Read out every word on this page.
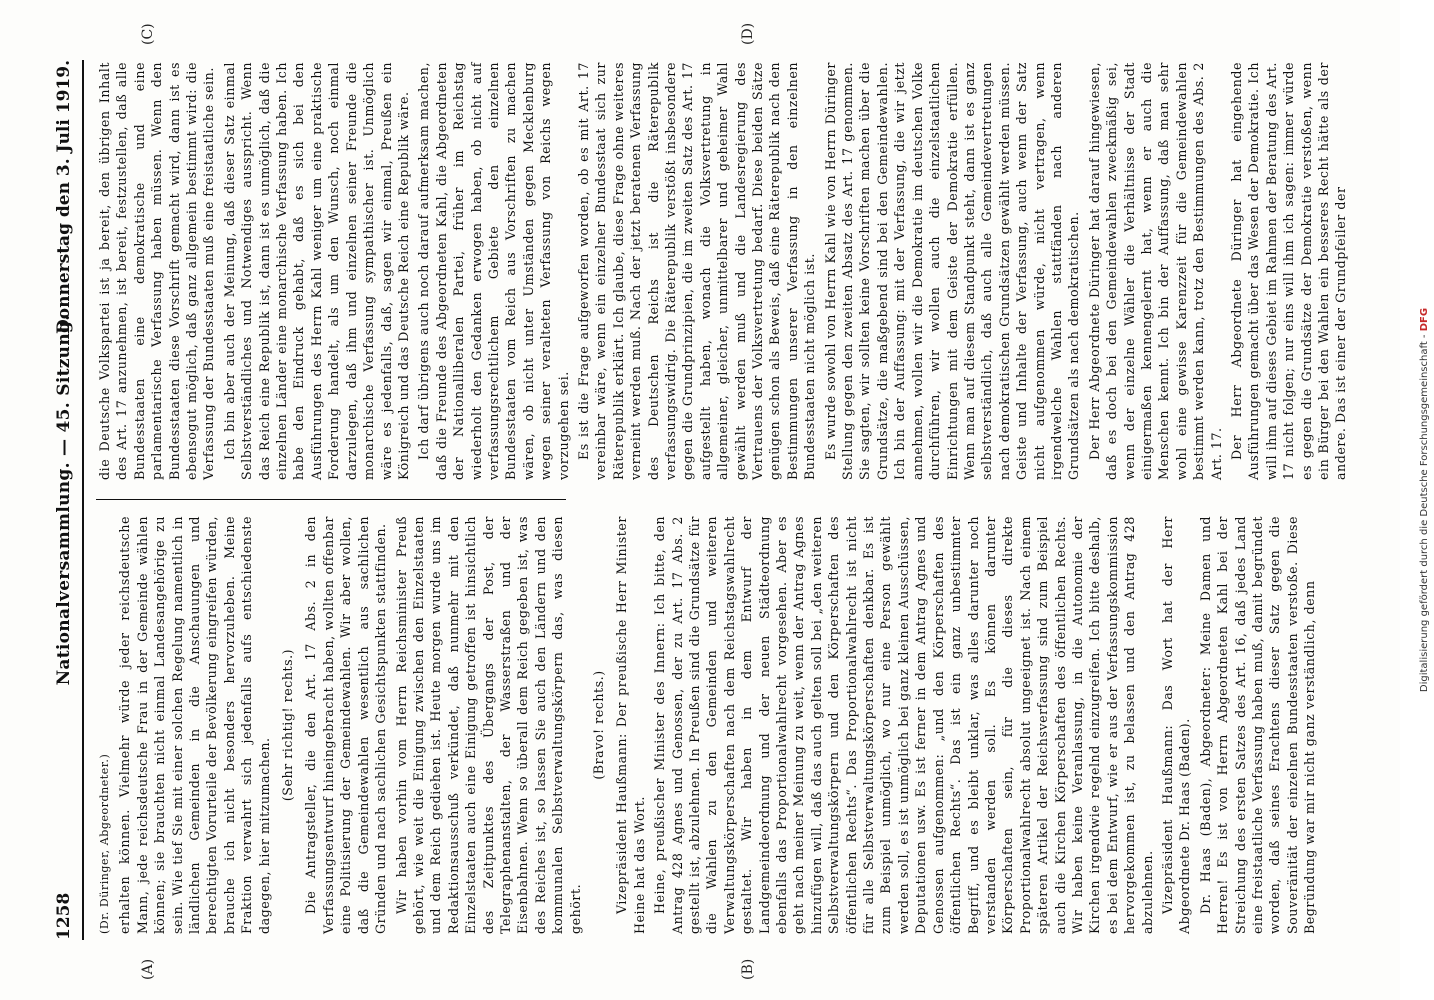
1258
Nationalversammlung. — 45. Sitzung.
Donnerstag den 3. Juli 1919.
(A)	(B)
(C)	(D)

(Dr. Düringer, Abgeordneter.) erhalten können. Vielmehr würde jeder reichsdeutsche Mann, jede reichsdeutsche Frau in der Gemeinde wählen können; sie brauchten nicht einmal Landesangehörige zu sein. Wie tief Sie mit einer solchen Regelung namentlich in ländlichen Gemeinden in die Anschauungen und berechtigten Vorurteile der Bevölkerung eingreifen würden, brauche ich nicht besonders hervorzuheben. Meine Fraktion verwahrt sich jedenfalls aufs entschiedenste dagegen, hier mitzumachen.

(Sehr richtig! rechts.) Die Antragsteller, die den Art. 17 Abs. 2 in den Verfassungsentwurf hineingebracht haben, wollten offenbar eine Politisierung der Gemeindewahlen. Wir aber wollen, daß die Gemeindewahlen wesentlich aus sachlichen Gründen und nach sachlichen Gesichtspunkten stattfinden. Wir haben vorhin vom Herrn Reichsminister Preuß gehört, wie weit die Einigung zwischen den Einzelstaaten und dem Reich gediehen ist. Heute morgen wurde uns im Redaktionsausschuß verkündet, daß nunmehr mit den Einzelstaaten auch eine Einigung getroffen ist hinsichtlich des Zeitpunktes des Übergangs der Post, der Telegraphenanstalten, der Wasserstraßen und der Eisenbahnen. Wenn so überall dem Reich gegeben ist, was des Reiches ist, so lassen Sie auch den Ländern und den kommunalen Selbstverwaltungskörpern das, was diesen gehört.

(Bravo! rechts.) Vizepräsident Haußmann: Der preußische Herr Minister Heine hat das Wort. Heine, preußischer Minister des Innern: Ich bitte, den Antrag 428 Agnes und Genossen, der zu Art. 17 Abs. 2 gestellt ist, abzulehnen. In Preußen sind die Grundsätze für die Wahlen zu den Gemeinden und weiteren Verwaltungskörperschaften nach dem Reichstagswahlrecht gestaltet. Wir haben in dem Entwurf der Landgemeindeordnung und der neuen Städteordnung ebenfalls das Proportionalwahlrecht vorgesehen. Aber es geht nach meiner Meinung zu weit, wenn der Antrag Agnes hinzufügen will, daß das auch gelten soll bei „den weiteren Selbstverwaltungskörpern und den Körperschaften des öffentlichen Rechts“. Das Proportionalwahlrecht ist nicht für alle Selbstverwaltungskörperschaften denkbar. Es ist zum Beispiel unmöglich, wo nur eine Person gewählt werden soll, es ist unmöglich bei ganz kleinen Ausschüssen, Deputationen usw. Es ist ferner in dem Antrag Agnes und Genossen aufgenommen: „und den Körperschaften des öffentlichen Rechts“. Das ist ein ganz unbestimmter Begriff, und es bleibt unklar, was alles darunter noch verstanden werden soll. Es können darunter Körperschaften sein, für die dieses direkte Proportionalwahlrecht absolut ungeeignet ist. Nach einem späteren Artikel der Reichsverfassung sind zum Beispiel auch die Kirchen Körperschaften des öffentlichen Rechts. Wir haben keine Veranlassung, in die Autonomie der Kirchen irgendwie regelnd einzugreifen. Ich bitte deshalb, es bei dem Entwurf, wie er aus der Verfassungskommission hervorgekommen ist, zu belassen und den Antrag 428 abzulehnen. Vizepräsident Haußmann: Das Wort hat der Herr Abgeordnete Dr. Haas (Baden). Dr. Haas (Baden), Abgeordneter: Meine Damen und Herren! Es ist von Herrn Abgeordneten Kahl bei der Streichung des ersten Satzes des Art. 16, daß jedes Land eine freistaatliche Verfassung haben muß, damit begründet worden, daß seines Erachtens dieser Satz gegen die Souveränität der einzelnen Bundesstaaten verstoße. Diese Begründung war mir nicht ganz verständlich, denn

die Deutsche Volkspartei ist ja bereit, den übrigen Inhalt des Art. 17 anzunehmen, ist bereit, festzustellen, daß alle Bundesstaaten eine demokratische und eine parlamentarische Verfassung haben müssen. Wenn den Bundesstaaten diese Vorschrift gemacht wird, dann ist es ebensogut möglich, daß ganz allgemein bestimmt wird: die Verfassung der Bundesstaaten muß eine freistaatliche sein. Ich bin aber auch der Meinung, daß dieser Satz einmal Selbstverständliches und Notwendiges ausspricht. Wenn das Reich eine Republik ist, dann ist es unmöglich, daß die einzelnen Länder eine monarchische Verfassung haben. Ich habe den Eindruck gehabt, daß es sich bei den Ausführungen des Herrn Kahl weniger um eine praktische Forderung handelt, als um den Wunsch, noch einmal darzulegen, daß ihm und einzelnen seiner Freunde die monarchische Verfassung sympathischer ist. Unmöglich wäre es jedenfalls, daß, sagen wir einmal, Preußen ein Königreich und das Deutsche Reich eine Republik wäre. Ich darf übrigens auch noch darauf aufmerksam machen, daß die Freunde des Abgeordneten Kahl, die Abgeordneten der Nationalliberalen Partei, früher im Reichstag wiederholt den Gedanken erwogen haben, ob nicht auf verfassungsrechtlichem Gebiete den einzelnen Bundesstaaten vom Reich aus Vorschriften zu machen wären, ob nicht unter Umständen gegen Mecklenburg wegen seiner veralteten Verfassung von Reichs wegen vorzugehen sei. Es ist die Frage aufgeworfen worden, ob es mit Art. 17 vereinbar wäre, wenn ein einzelner Bundesstaat sich zur Räterepublik erklärt. Ich glaube, diese Frage ohne weiteres verneint werden muß. Nach der jetzt beratenen Verfassung des Deutschen Reichs ist die Räterepublik verfassungswidrig. Die Räterepublik verstößt insbesondere gegen die Grundprinzipien, die im zweiten Satz des Art. 17 aufgestellt haben, wonach die Volksvertretung in allgemeiner, gleicher, unmittelbarer und geheimer Wahl gewählt werden muß und die Landesregierung des Vertrauens der Volksvertretung bedarf. Diese beiden Sätze genügen schon als Beweis, daß eine Räterepublik nach den Bestimmungen unserer Verfassung in den einzelnen Bundesstaaten nicht möglich ist. Es wurde sowohl von Herrn Kahl wie von Herrn Düringer Stellung gegen den zweiten Absatz des Art. 17 genommen. Sie sagten, wir sollten keine Vorschriften machen über die Grundsätze, die maßgebend sind bei den Gemeindewahlen. Ich bin der Auffassung: mit der Verfassung, die wir jetzt annehmen, wollen wir die Demokratie im deutschen Volke durchführen, wir wollen auch die einzelstaatlichen Einrichtungen mit dem Geiste der Demokratie erfüllen. Wenn man auf diesem Standpunkt steht, dann ist es ganz selbstverständlich, daß auch alle Gemeindevertretungen nach demokratischen Grundsätzen gewählt werden müssen. Geiste und Inhalte der Verfassung, auch wenn der Satz nicht aufgenommen würde, nicht vertragen, wenn irgendwelche Wahlen stattfänden nach anderen Grundsätzen als nach demokratischen. Der Herr Abgeordnete Düringer hat darauf hingewiesen, daß es doch bei den Gemeindewahlen zweckmäßig sei, wenn der einzelne Wähler die Verhältnisse der Stadt einigermaßen kennengelernt hat, wenn er auch die Menschen kennt. Ich bin der Auffassung, daß man sehr wohl eine gewisse Karenzzeit für die Gemeindewahlen bestimmt werden kann, trotz den Bestimmungen des Abs. 2 Art. 17. Der Herr Abgeordnete Düringer hat eingehende Ausführungen gemacht über das Wesen der Demokratie. Ich will ihm auf dieses Gebiet im Rahmen der Beratung des Art. 17 nicht folgen; nur eins will ihm ich sagen: immer würde es gegen die Grundsätze der Demokratie verstoßen, wenn ein Bürger bei den Wahlen ein besseres Recht hätte als der andere. Das ist einer der Grundpfeiler der

Digitalisierung gefördert durch die Deutsche Forschungsgemeinschaft - DFG
